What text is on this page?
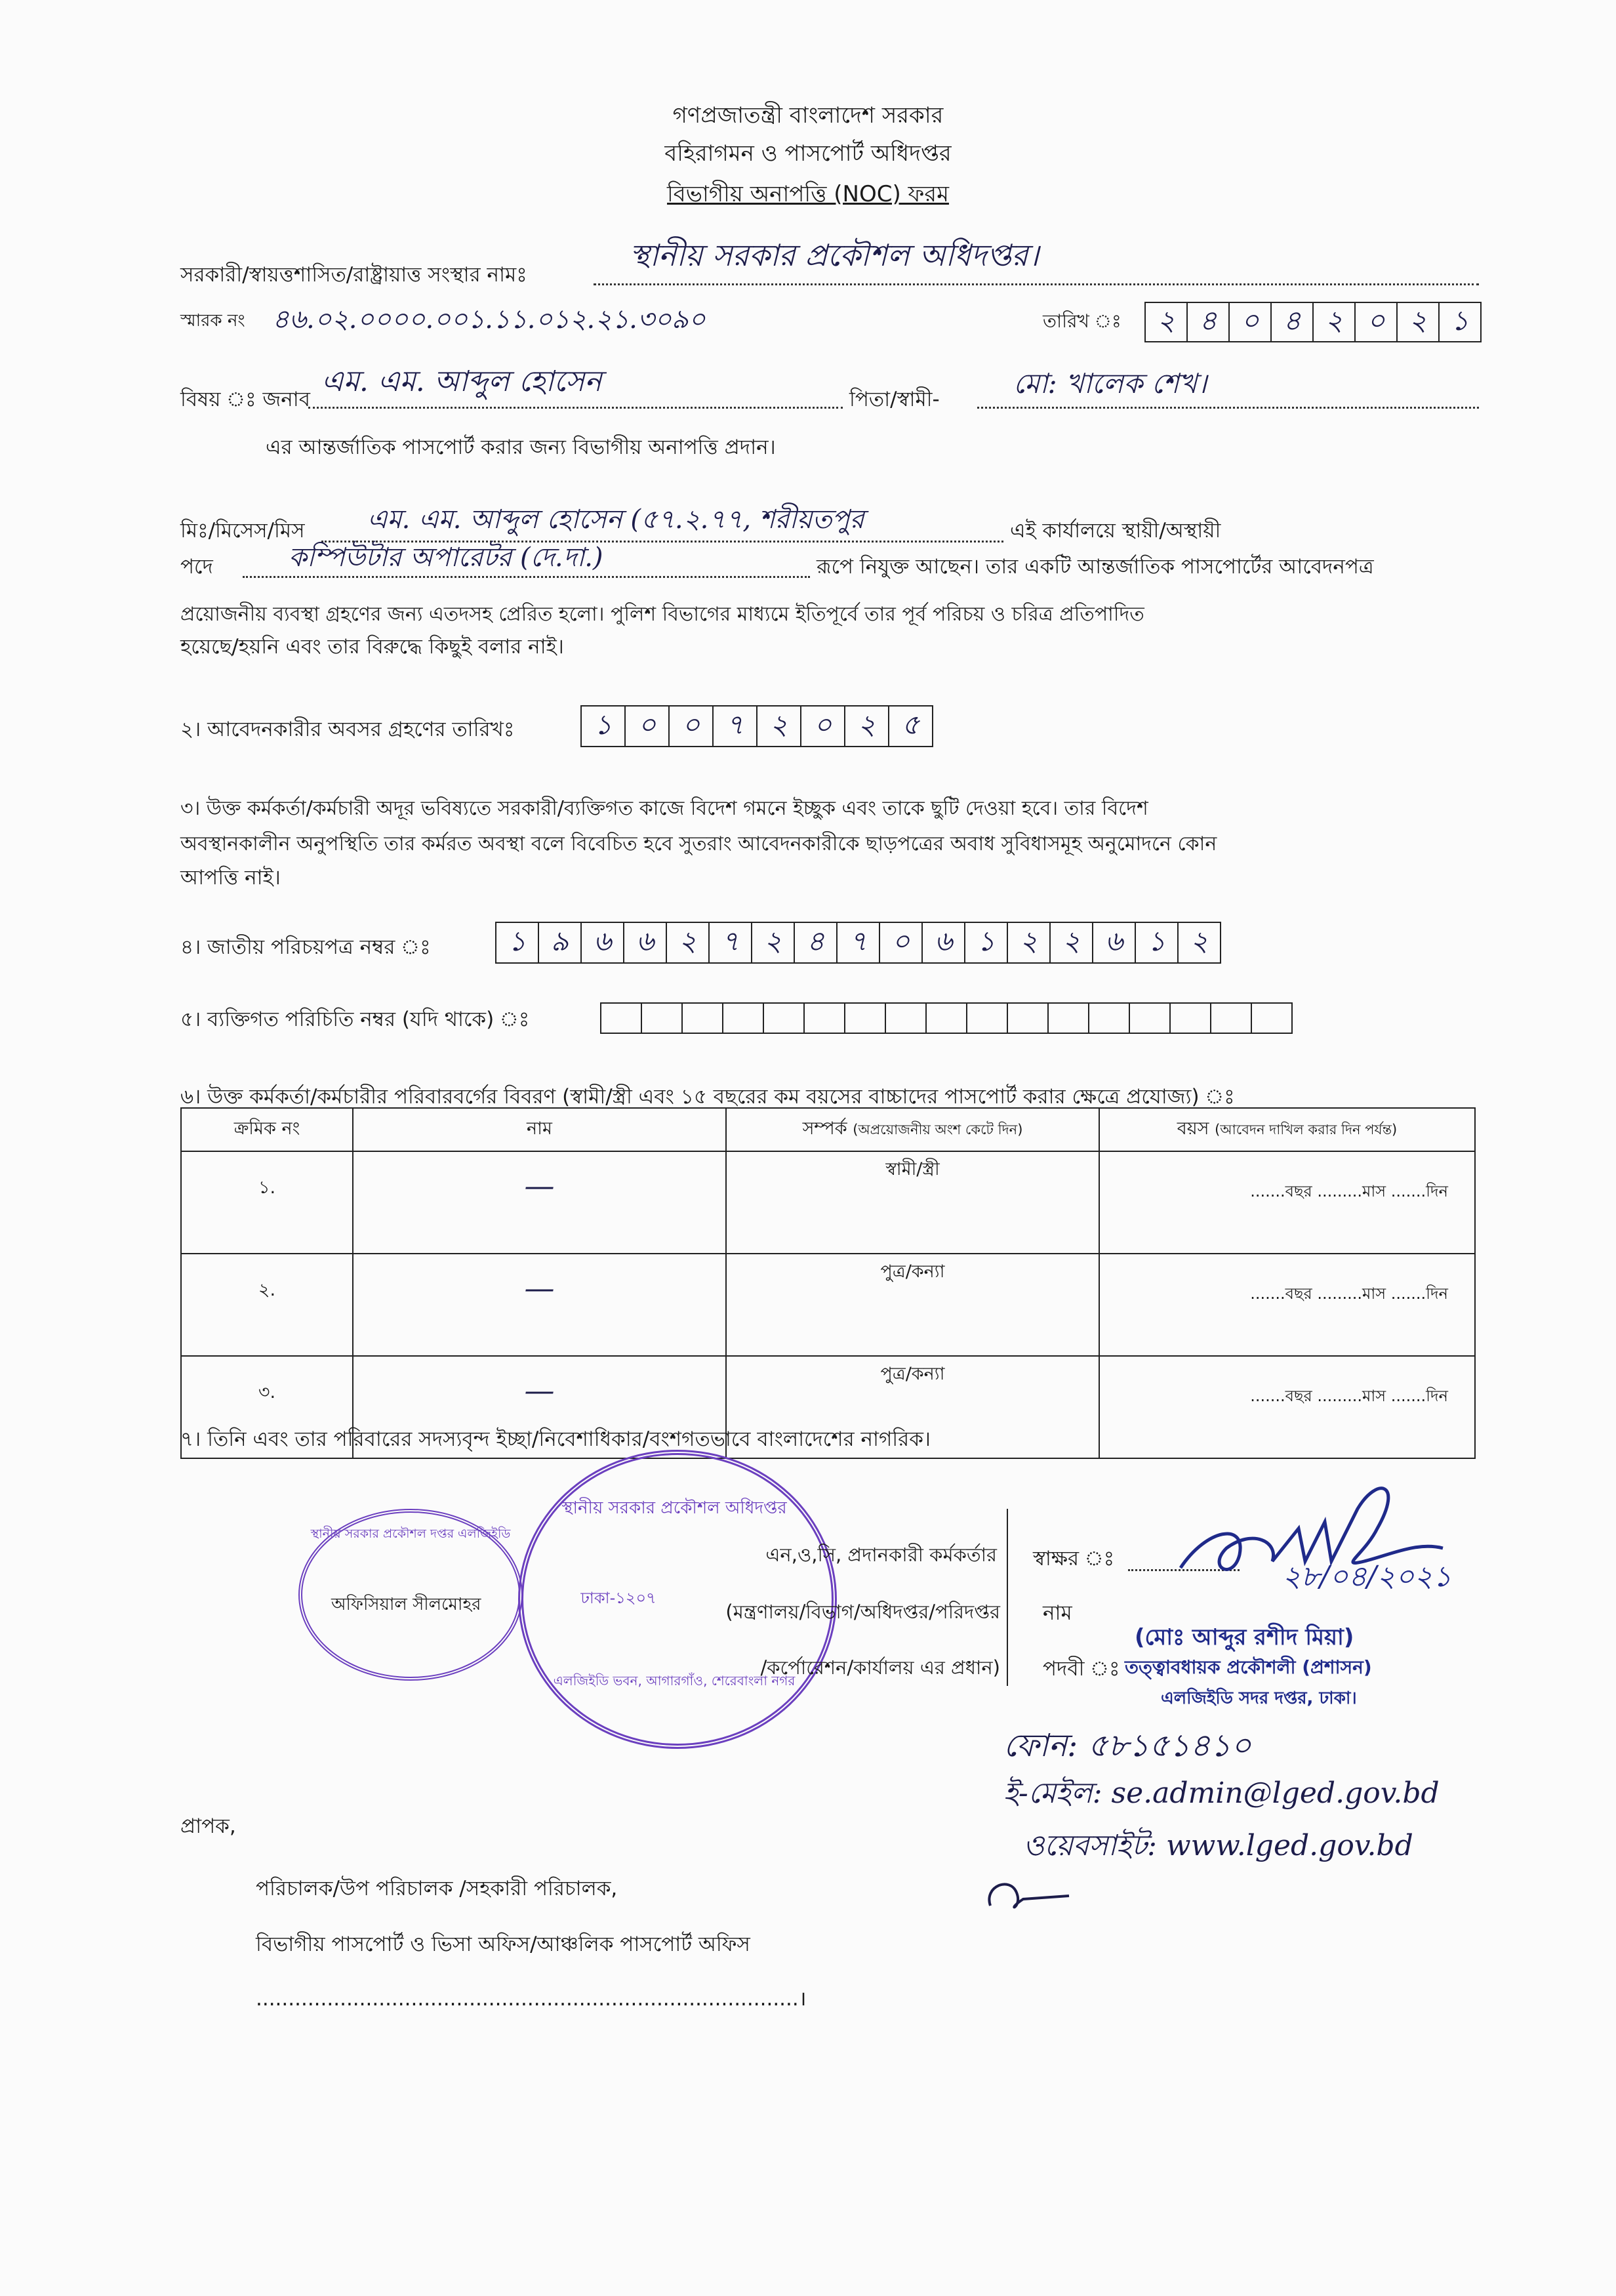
গণপ্রজাতন্ত্রী বাংলাদেশ সরকার
বহিরাগমন ও পাসপোর্ট অধিদপ্তর
বিভাগীয় অনাপত্তি (NOC) ফরম
সরকারী/স্বায়ত্তশাসিত/রাষ্ট্রায়াত্ত সংস্থার নামঃ
স্থানীয় সরকার প্রকৌশল অধিদপ্তর।
স্মারক নং ৪৬.০২.০০০০.০০১.১১.০১২.২১.৩০৯০	তারিখ ঃ	২ ৪ ০ ৪ ২ ০ ২ ১
বিষয় ঃ জনাব
এম. এম. আব্দুল হোসেন
পিতা/স্বামী-	মো: খালেক শেখ।
এর আন্তর্জাতিক পাসপোর্ট করার জন্য বিভাগীয় অনাপত্তি প্রদান।
মিঃ/মিসেস/মিস এম. এম. আব্দুল হোসেন (৫৭.২.৭৭, শরীয়তপুর	এই কার্যালয়ে স্থায়ী/অস্থায়ী
পদে	কম্পিউটার অপারেটর (দে.দা.)	রূপে নিযুক্ত আছেন। তার একটি আন্তর্জাতিক পাসপোর্টের আবেদনপত্র
প্রয়োজনীয় ব্যবস্থা গ্রহণের জন্য এতদসহ প্রেরিত হলো। পুলিশ বিভাগের মাধ্যমে ইতিপূর্বে তার পূর্ব পরিচয় ও চরিত্র প্রতিপাদিত
হয়েছে/হয়নি এবং তার বিরুদ্ধে কিছুই বলার নাই।
২। আবেদনকারীর অবসর গ্রহণের তারিখঃ	১ ০ ০ ৭ ২ ০ ২ ৫
৩। উক্ত কর্মকর্তা/কর্মচারী অদূর ভবিষ্যতে সরকারী/ব্যক্তিগত কাজে বিদেশ গমনে ইচ্ছুক এবং তাকে ছুটি দেওয়া হবে। তার বিদেশ
অবস্থানকালীন অনুপস্থিতি তার কর্মরত অবস্থা বলে বিবেচিত হবে সুতরাং আবেদনকারীকে ছাড়পত্রের অবাধ সুবিধাসমূহ অনুমোদনে কোন
আপত্তি নাই।
৪। জাতীয় পরিচয়পত্র নম্বর ঃ	১ ৯ ৬ ৬ ২ ৭ ২ ৪ ৭ ০ ৬ ১ ২ ২ ৬ ১ ২
৫। ব্যক্তিগত পরিচিতি নম্বর (যদি থাকে) ঃ
৬। উক্ত কর্মকর্তা/কর্মচারীর পরিবারবর্গের বিবরণ (স্বামী/স্ত্রী এবং ১৫ বছরের কম বয়সের বাচ্চাদের পাসপোর্ট করার ক্ষেত্রে প্রযোজ্য) ঃ
ক্রমিক নং	নাম	সম্পর্ক (অপ্রয়োজনীয় অংশ কেটে দিন)	বয়স (আবেদন দাখিল করার দিন পর্যন্ত)
১.	—	স্বামী/স্ত্রী	.......বছর .........মাস .......দিন
২.	—	পুত্র/কন্যা	.......বছর .........মাস .......দিন
৩.	—	পুত্র/কন্যা	.......বছর .........মাস .......দিন
৭। তিনি এবং তার পরিবারের সদস্যবৃন্দ ইচ্ছা/নিবেশাধিকার/বংশগতভাবে বাংলাদেশের নাগরিক।
স্থানীয় সরকার প্রকৌশল দপ্তর এলজিইডি
অফিসিয়াল সীলমোহর
স্থানীয় সরকার প্রকৌশল অধিদপ্তর
ঢাকা-১২০৭
এলজিইডি ভবন, আগারগাঁও, শেরেবাংলা নগর
এন,ও,সি, প্রদানকারী কর্মকর্তার
(মন্ত্রণালয়/বিভাগ/অধিদপ্তর/পরিদপ্তর
/কর্পোরেশন/কার্যালয় এর প্রধান)
স্বাক্ষর ঃ
২৮/০৪/২০২১
নাম
(মোঃ আব্দুর রশীদ মিয়া)
পদবী ঃ তত্ত্বাবধায়ক প্রকৌশলী (প্রশাসন)
এলজিইডি সদর দপ্তর, ঢাকা।
ফোন: ৫৮১৫১৪১০
ই-মেইল: se.admin@lged.gov.bd
ওয়েবসাইট: www.lged.gov.bd
প্রাপক,
পরিচালক/উপ পরিচালক /সহকারী পরিচালক,
বিভাগীয় পাসপোর্ট ও ভিসা অফিস/আঞ্চলিক পাসপোর্ট অফিস
....................................................................................।
